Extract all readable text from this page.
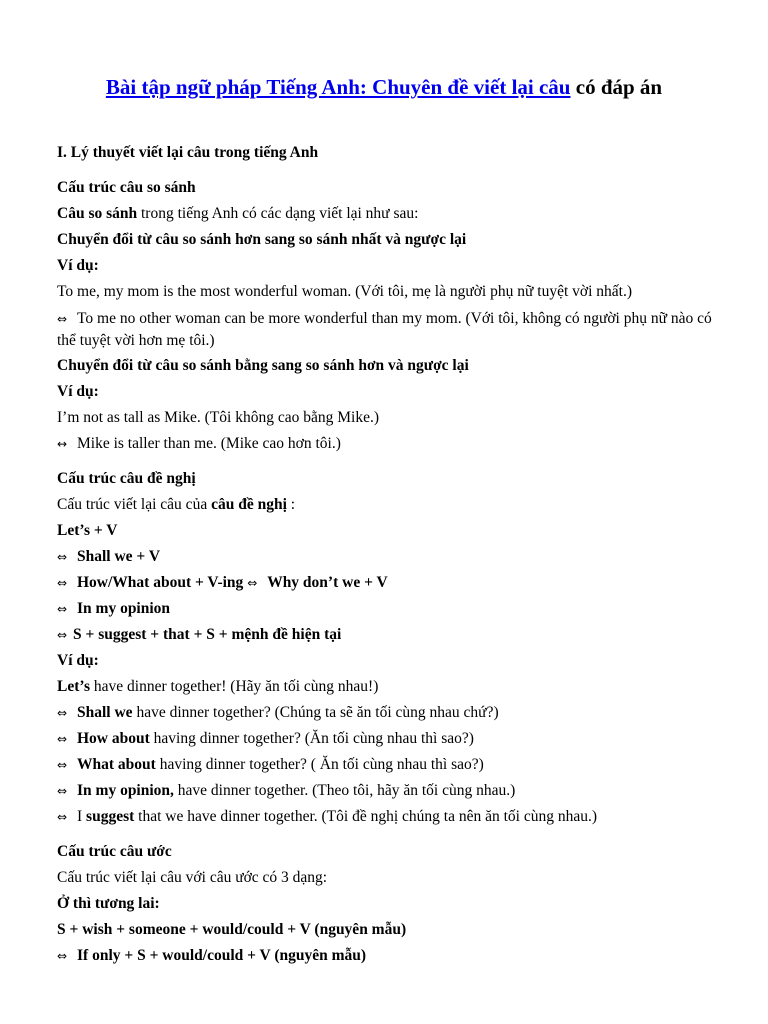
Bài tập ngữ pháp Tiếng Anh: Chuyên đề viết lại câu có đáp án
I. Lý thuyết viết lại câu trong tiếng Anh
Cấu trúc câu so sánh
Câu so sánh trong tiếng Anh có các dạng viết lại như sau:
Chuyển đổi từ câu so sánh hơn sang so sánh nhất và ngược lại
Ví dụ:
To me, my mom is the most wonderful woman. (Với tôi, mẹ là người phụ nữ tuyệt vời nhất.)
⇔ To me no other woman can be more wonderful than my mom. (Với tôi, không có người phụ nữ nào có thể tuyệt vời hơn mẹ tôi.)
Chuyển đổi từ câu so sánh bằng sang so sánh hơn và ngược lại
Ví dụ:
I’m not as tall as Mike. (Tôi không cao bằng Mike.)
↔ Mike is taller than me. (Mike cao hơn tôi.)
Cấu trúc câu đề nghị
Cấu trúc viết lại câu của câu đề nghị :
Let’s + V
⇔ Shall we + V
⇔ How/What about + V-ing ⇔ Why don’t we + V
⇔ In my opinion
⇔ S + suggest + that + S + mệnh đề hiện tại
Ví dụ:
Let’s have dinner together! (Hãy ăn tối cùng nhau!)
⇔ Shall we have dinner together? (Chúng ta sẽ ăn tối cùng nhau chứ?)
⇔ How about having dinner together? (Ăn tối cùng nhau thì sao?)
⇔ What about having dinner together? ( Ăn tối cùng nhau thì sao?)
⇔ In my opinion, have dinner together. (Theo tôi, hãy ăn tối cùng nhau.)
⇔ I suggest that we have dinner together. (Tôi đề nghị chúng ta nên ăn tối cùng nhau.)
Cấu trúc câu ước
Cấu trúc viết lại câu với câu ước có 3 dạng:
Ở thì tương lai:
S + wish + someone + would/could + V (nguyên mẫu)
⇔ If only + S + would/could + V (nguyên mẫu)
